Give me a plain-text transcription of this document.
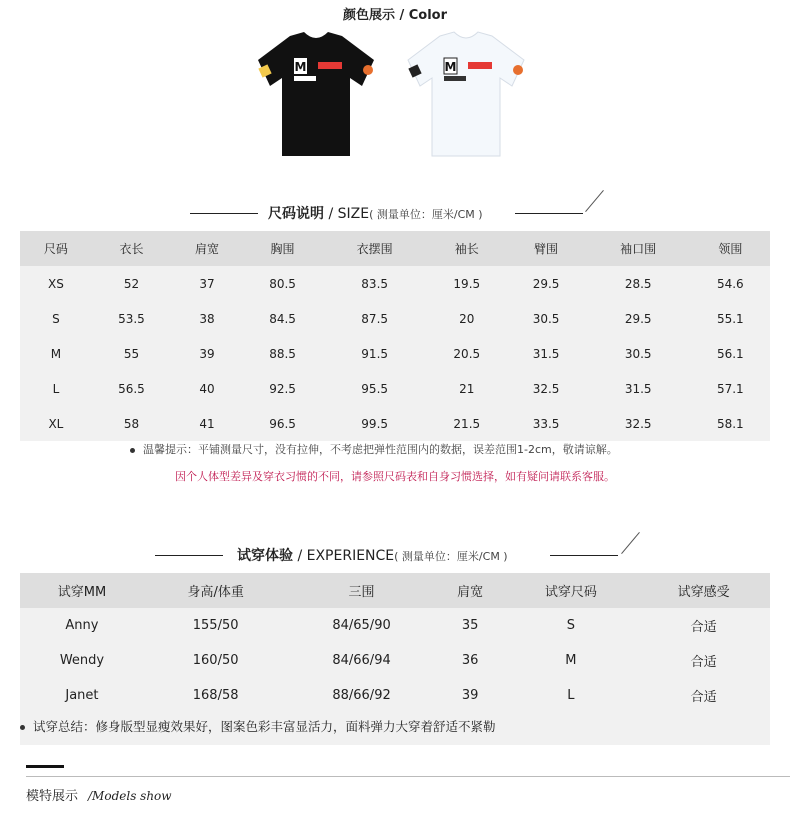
颜色展示 / Color
M	M
尺码说明 / SIZE( 测量单位：厘米/CM )
尺码	衣长	肩宽	胸围	衣摆围	袖长	臂围	袖口围	领围
XS	52	37	80.5	83.5	19.5	29.5	28.5	54.6
S	53.5	38	84.5	87.5	20	30.5	29.5	55.1
M	55	39	88.5	91.5	20.5	31.5	30.5	56.1
L	56.5	40	92.5	95.5	21	32.5	31.5	57.1
XL	58	41	96.5	99.5	21.5	33.5	32.5	58.1
温馨提示：平铺测量尺寸，没有拉伸，不考虑把弹性范围内的数据，误差范围1-2cm，敬请谅解。
因个人体型差异及穿衣习惯的不同，请参照尺码表和自身习惯选择，如有疑问请联系客服。
试穿体验 / EXPERIENCE( 测量单位：厘米/CM )
试穿MM	身高/体重	三围	肩宽	试穿尺码	试穿感受
Anny	155/50	84/65/90	35	S	合适
Wendy	160/50	84/66/94	36	M	合适
Janet	168/58	88/66/92	39	L	合适
试穿总结：修身版型显瘦效果好，图案色彩丰富显活力，面料弹力大穿着舒适不紧勒
模特展示 /Models show
